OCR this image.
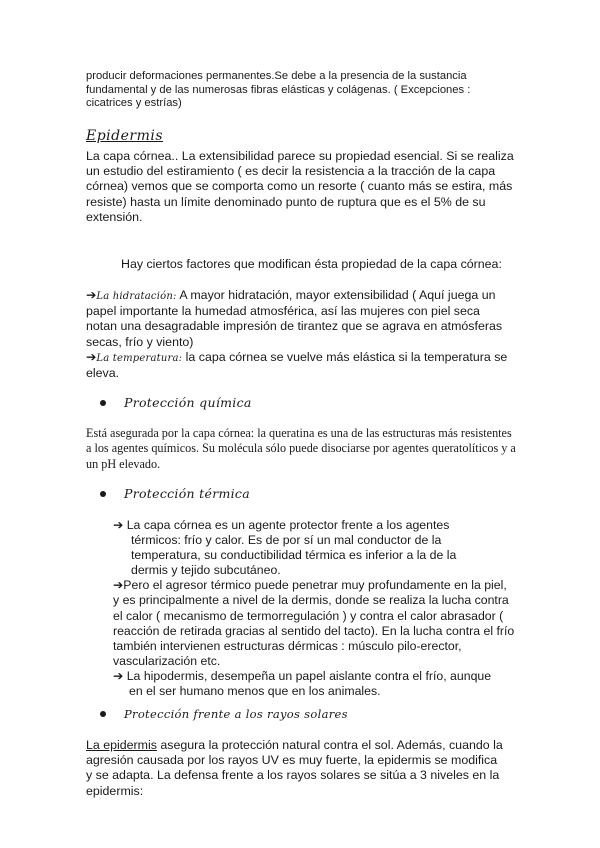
producir deformaciones permanentes.Se debe a la presencia de la sustancia
fundamental y de las numerosas fibras elásticas y colágenas. ( Excepciones :
cicatrices y estrías)
Epidermis
La capa córnea.. La extensibilidad parece su propiedad esencial. Si se realiza
un estudio del estiramiento ( es decir la resistencia a la tracción de la capa
córnea) vemos que se comporta como un resorte ( cuanto más se estira, más
resiste) hasta un límite denominado punto de ruptura que es el 5% de su
extensión.
Hay ciertos factores que modifican ésta propiedad de la capa córnea:
➔La hidratación: A mayor hidratación, mayor extensibilidad ( Aquí juega un
papel importante la humedad atmosférica, así las mujeres con piel seca
notan una desagradable impresión de tirantez que se agrava en atmósferas
secas, frío y viento)
➔La temperatura: la capa córnea se vuelve más elástica si la temperatura se
eleva.
Protección química
Está asegurada por la capa córnea: la queratina es una de las estructuras más resistentes
a los agentes químicos. Su molécula sólo puede disociarse por agentes queratolíticos y a
un pH elevado.
Protección térmica
➔ La capa córnea es un agente protector frente a los agentes
térmicos: frío y calor. Es de por sí un mal conductor de la
temperatura, su conductibilidad térmica es inferior a la de la
dermis y tejido subcutáneo.
➔Pero el agresor térmico puede penetrar muy profundamente en la piel,
y es principalmente a nivel de la dermis, donde se realiza la lucha contra
el calor ( mecanismo de termorregulación ) y contra el calor abrasador (
reacción de retirada gracias al sentido del tacto). En la lucha contra el frío
también intervienen estructuras dérmicas : músculo pilo-erector,
vascularización etc.
➔ La hipodermis, desempeña un papel aislante contra el frío, aunque
en el ser humano menos que en los animales.
Protección frente a los rayos solares
La epidermis asegura la protección natural contra el sol. Además, cuando la
agresión causada por los rayos UV es muy fuerte, la epidermis se modifica
y se adapta. La defensa frente a los rayos solares se sitúa a 3 niveles en la
epidermis:
